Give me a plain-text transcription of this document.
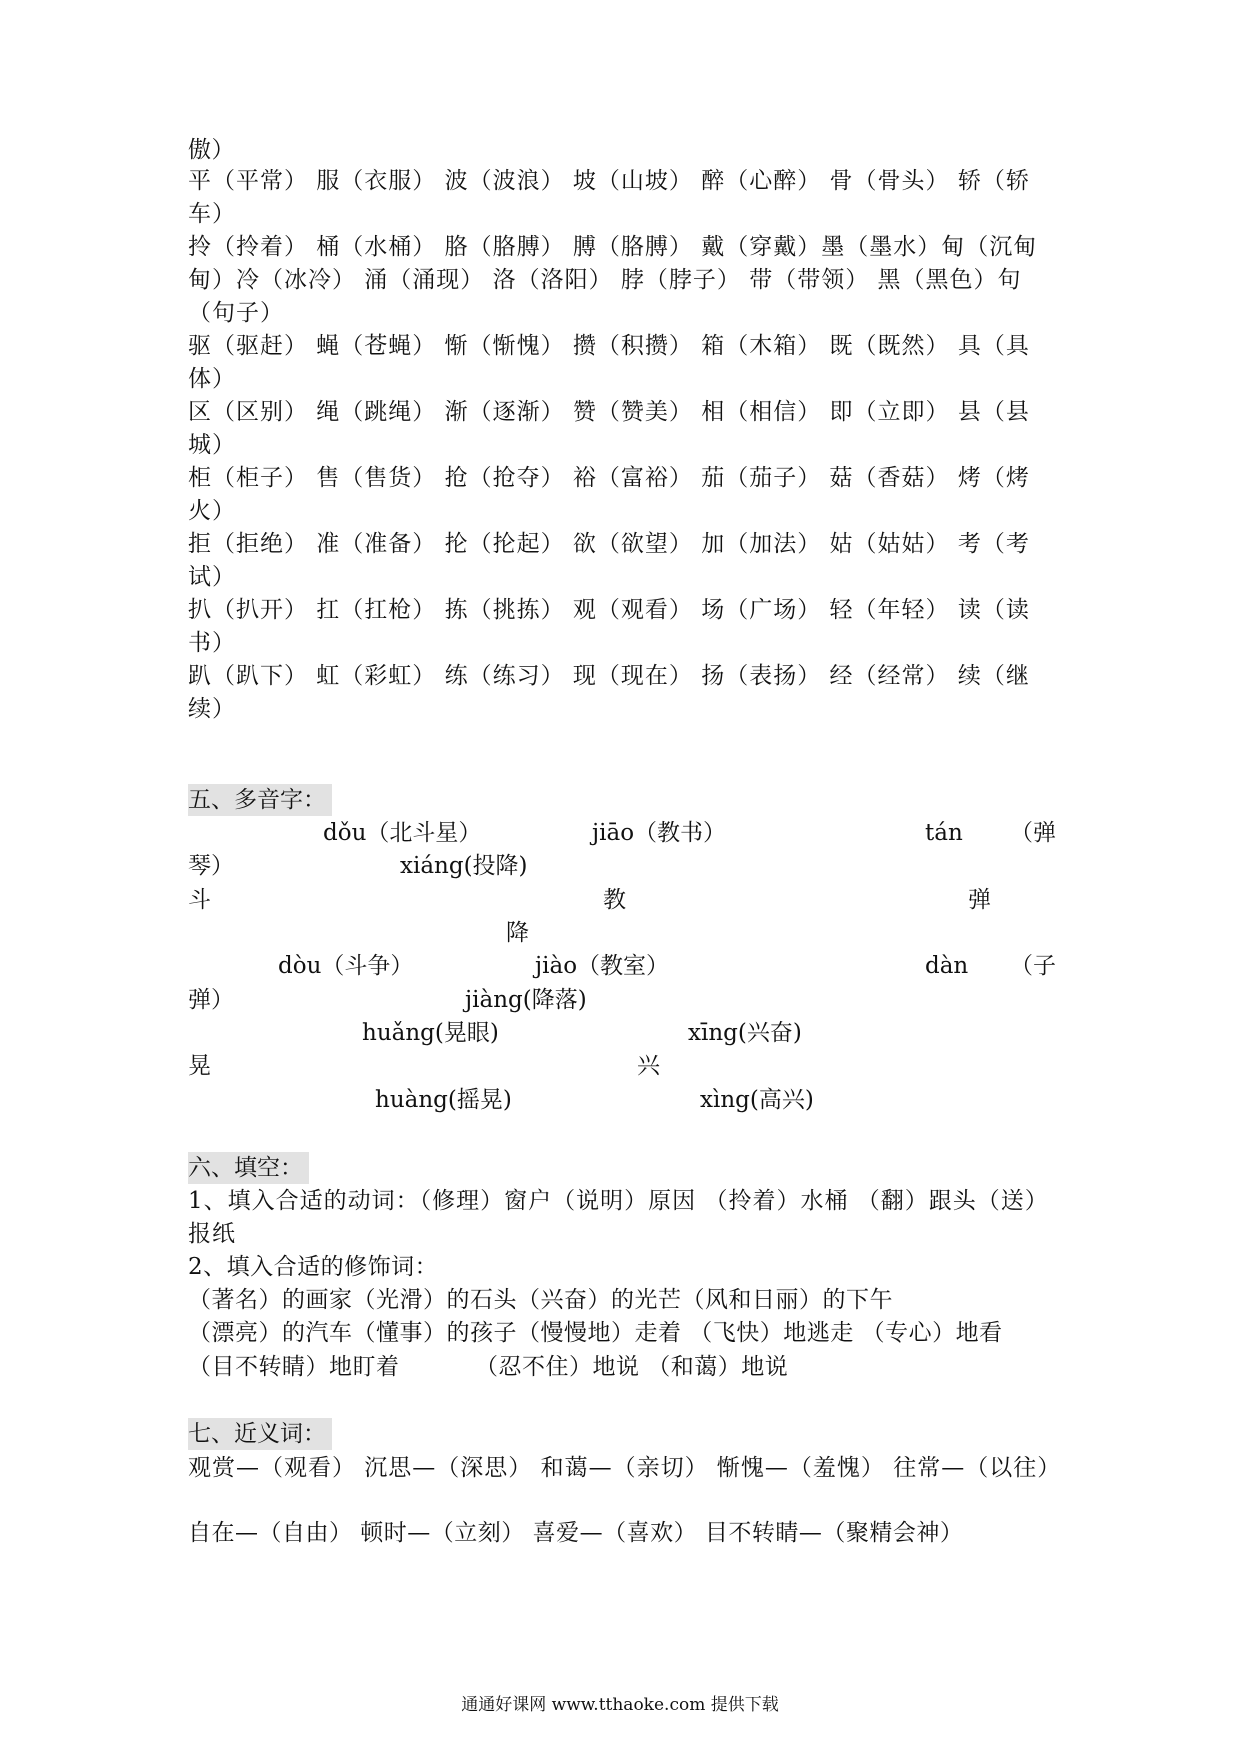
傲）
平（平常） 服（衣服） 波（波浪） 坡（山坡） 醉（心醉） 骨（骨头） 轿（轿车）
拎（拎着） 桶（水桶） 胳（胳膊） 膊（胳膊） 戴（穿戴）墨（墨水）甸（沉甸甸）冷（冰冷） 涌（涌现） 洛（洛阳） 脖（脖子） 带（带领） 黑（黑色）句（句子）
驱（驱赶） 蝇（苍蝇） 惭（惭愧） 攒（积攒） 箱（木箱） 既（既然） 具（具体）
区（区别） 绳（跳绳） 渐（逐渐） 赞（赞美） 相（相信） 即（立即） 县（县城）
柜（柜子） 售（售货） 抢（抢夺） 裕（富裕） 茄（茄子） 菇（香菇） 烤（烤火）
拒（拒绝） 准（准备） 抡（抡起） 欲（欲望） 加（加法） 姑（姑姑） 考（考试）
扒（扒开） 扛（扛枪） 拣（挑拣） 观（观看） 场（广场） 轻（年轻） 读（读书）
趴（趴下） 虹（彩虹） 练（练习） 现（现在） 扬（表扬） 经（经常） 续（继续）
五、多音字：
dǒu（北斗星）	jiāo（教书）	tán （弹
琴）	xiáng(投降)
斗	教	弹
降
dòu（斗争）	jiào（教室）	dàn （子
弹）	jiàng(降落)
huǎng(晃眼)	xīng(兴奋)
晃	兴
huàng(摇晃)	xìng(高兴)
六、填空：
1、填入合适的动词：（修理）窗户（说明）原因 （拎着）水桶 （翻）跟头（送）报纸
2、填入合适的修饰词：
（著名）的画家（光滑）的石头（兴奋）的光芒（风和日丽）的下午
（漂亮）的汽车（懂事）的孩子（慢慢地）走着 （飞快）地逃走 （专心）地看
（目不转睛）地盯着	（忍不住）地说 （和蔼）地说
七、近义词：
观赏—（观看） 沉思—（深思） 和蔼—（亲切） 惭愧—（羞愧） 往常—（以往）
自在—（自由） 顿时—（立刻） 喜爱—（喜欢） 目不转睛—（聚精会神）
通通好课网 www.tthaoke.com 提供下载
